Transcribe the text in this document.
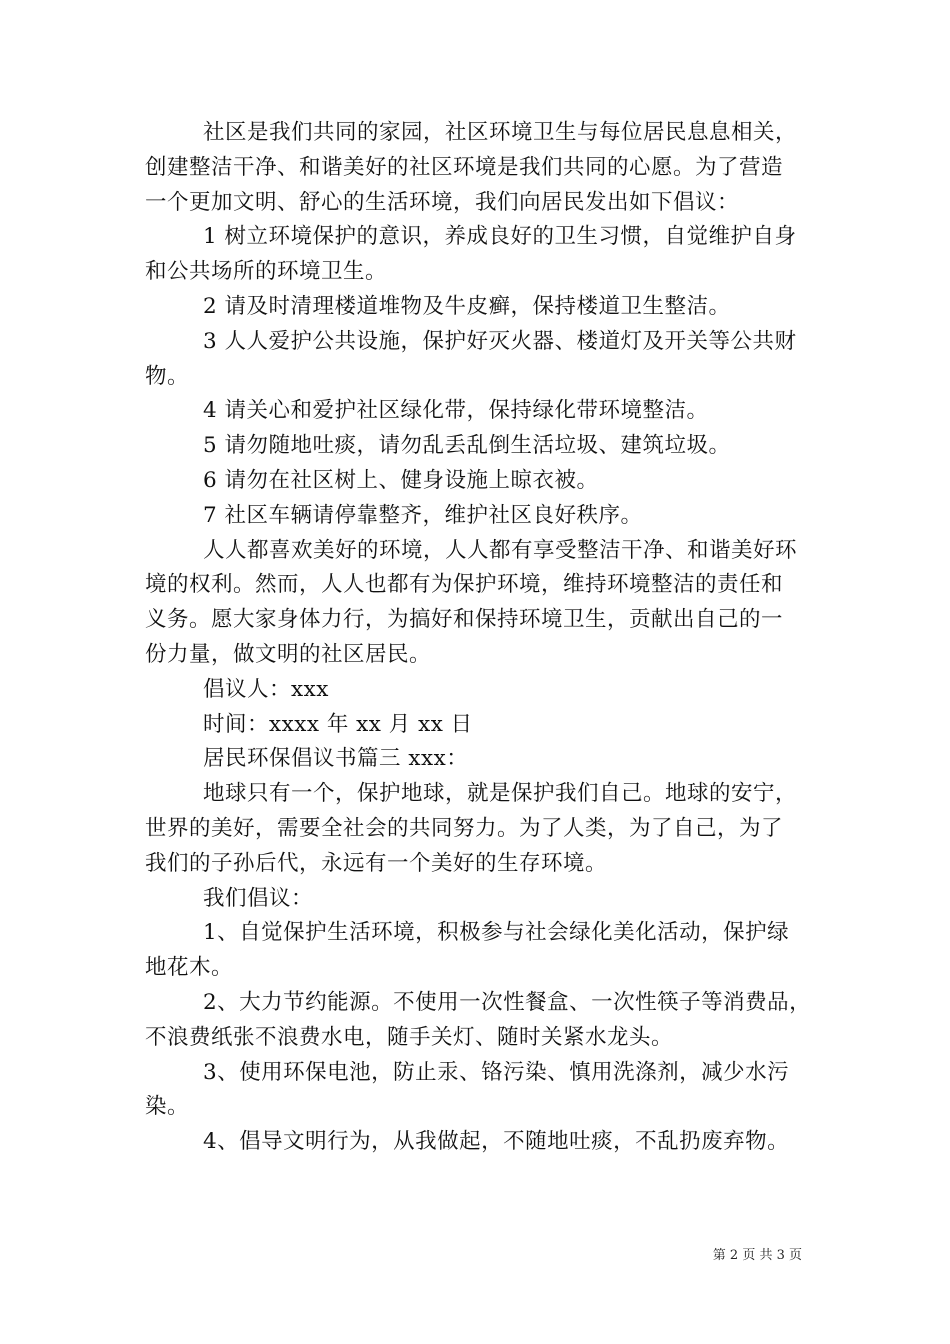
社区是我们共同的家园，社区环境卫生与每位居民息息相关，
创建整洁干净、和谐美好的社区环境是我们共同的心愿。为了营造
一个更加文明、舒心的生活环境，我们向居民发出如下倡议：
1 树立环境保护的意识，养成良好的卫生习惯，自觉维护自身
和公共场所的环境卫生。
2 请及时清理楼道堆物及牛皮癣，保持楼道卫生整洁。
3 人人爱护公共设施，保护好灭火器、楼道灯及开关等公共财
物。
4 请关心和爱护社区绿化带，保持绿化带环境整洁。
5 请勿随地吐痰，请勿乱丢乱倒生活垃圾、建筑垃圾。
6 请勿在社区树上、健身设施上晾衣被。
7 社区车辆请停靠整齐，维护社区良好秩序。
人人都喜欢美好的环境，人人都有享受整洁干净、和谐美好环
境的权利。然而，人人也都有为保护环境，维持环境整洁的责任和
义务。愿大家身体力行，为搞好和保持环境卫生，贡献出自己的一
份力量，做文明的社区居民。
倡议人：xxx
时间：xxxx 年 xx 月 xx 日
居民环保倡议书篇三 xxx：
地球只有一个，保护地球，就是保护我们自己。地球的安宁，
世界的美好，需要全社会的共同努力。为了人类，为了自己，为了
我们的子孙后代，永远有一个美好的生存环境。
我们倡议：
1、自觉保护生活环境，积极参与社会绿化美化活动，保护绿
地花木。
2、大力节约能源。不使用一次性餐盒、一次性筷子等消费品，
不浪费纸张不浪费水电，随手关灯、随时关紧水龙头。
3、使用环保电池，防止汞、铬污染、慎用洗涤剂，减少水污
染。
4、倡导文明行为，从我做起，不随地吐痰，不乱扔废弃物。
第 2 页 共 3 页
